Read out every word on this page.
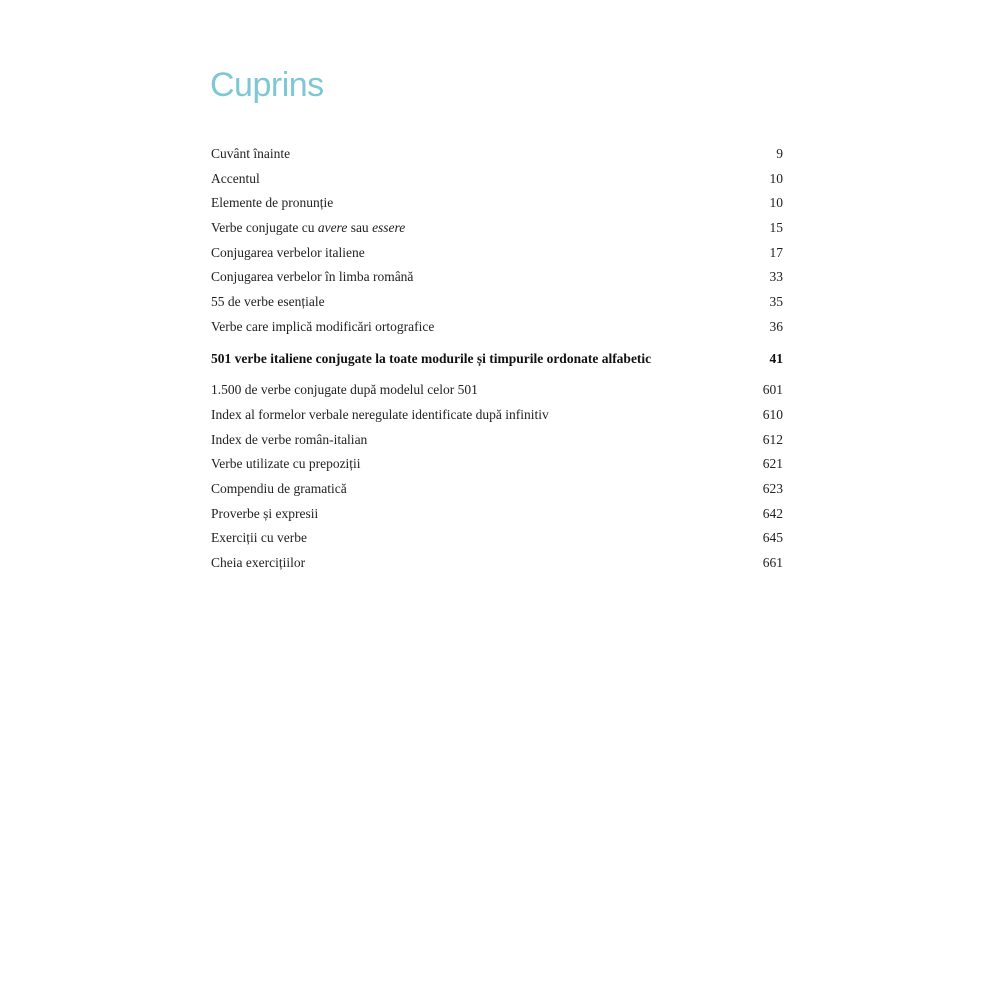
Cuprins
Cuvânt înainte	9
Accentul	10
Elemente de pronunție	10
Verbe conjugate cu avere sau essere	15
Conjugarea verbelor italiene	17
Conjugarea verbelor în limba română	33
55 de verbe esențiale	35
Verbe care implică modificări ortografice	36
501 verbe italiene conjugate la toate modurile și timpurile ordonate alfabetic	41
1.500 de verbe conjugate după modelul celor 501	601
Index al formelor verbale neregulate identificate după infinitiv	610
Index de verbe român-italian	612
Verbe utilizate cu prepoziții	621
Compendiu de gramatică	623
Proverbe și expresii	642
Exerciții cu verbe	645
Cheia exercițiilor	661
